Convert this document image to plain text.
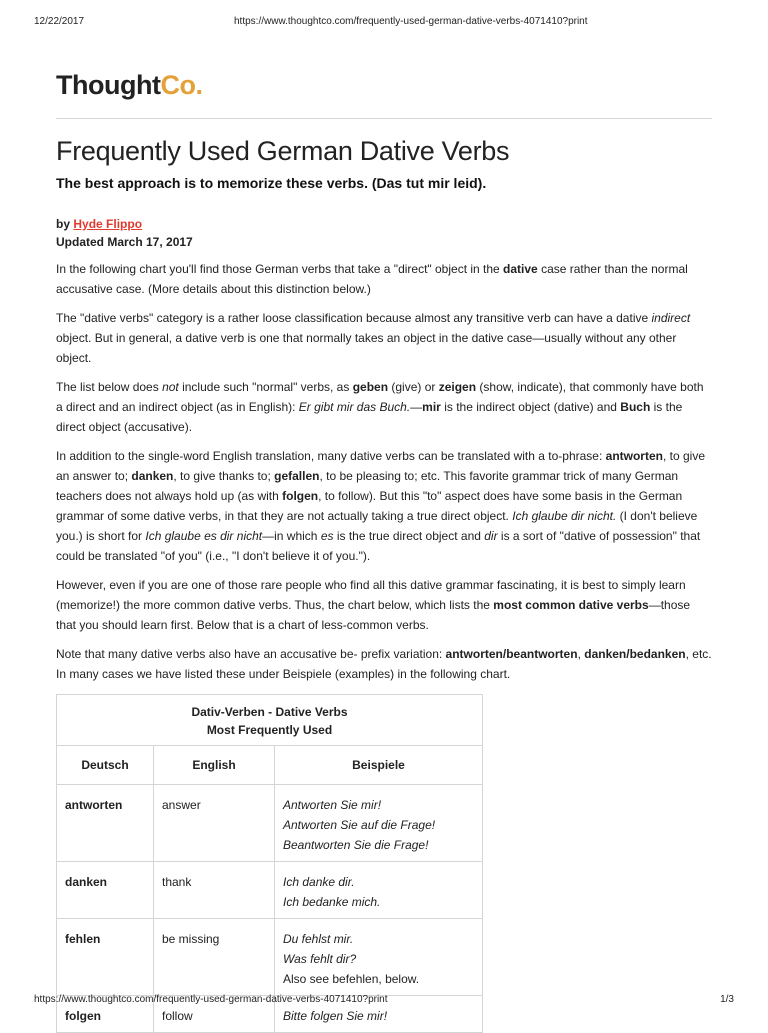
12/22/2017	https://www.thoughtco.com/frequently-used-german-dative-verbs-4071410?print
ThoughtCo.
Frequently Used German Dative Verbs
The best approach is to memorize these verbs. (Das tut mir leid).
by Hyde Flippo
Updated March 17, 2017

In the following chart you'll find those German verbs that take a "direct" object in the dative case rather than the normal accusative case. (More details about this distinction below.)

The "dative verbs" category is a rather loose classification because almost any transitive verb can have a dative indirect object. But in general, a dative verb is one that normally takes an object in the dative case—usually without any other object.

The list below does not include such "normal" verbs, as geben (give) or zeigen (show, indicate), that commonly have both a direct and an indirect object (as in English): Er gibt mir das Buch.—mir is the indirect object (dative) and Buch is the direct object (accusative).

In addition to the single-word English translation, many dative verbs can be translated with a to-phrase: antworten, to give an answer to; danken, to give thanks to; gefallen, to be pleasing to; etc. This favorite grammar trick of many German teachers does not always hold up (as with folgen, to follow). But this "to" aspect does have some basis in the German grammar of some dative verbs, in that they are not actually taking a true direct object. Ich glaube dir nicht. (I don't believe you.) is short for Ich glaube es dir nicht—in which es is the true direct object and dir is a sort of "dative of possession" that could be translated "of you" (i.e., "I don't believe it of you.").

However, even if you are one of those rare people who find all this dative grammar fascinating, it is best to simply learn (memorize!) the more common dative verbs. Thus, the chart below, which lists the most common dative verbs—those that you should learn first. Below that is a chart of less-common verbs.

Note that many dative verbs also have an accusative be- prefix variation: antworten/beantworten, danken/bedanken, etc. In many cases we have listed these under Beispiele (examples) in the following chart.

Dativ-Verben - Dative Verbs
Most Frequently Used		

Deutsch	English	Beispiele
antworten	answer	Antworten Sie mir!
Antworten Sie auf die Frage!
Beantworten Sie die Frage!

danken	thank	Ich danke dir.
Ich bedanke mich.

fehlen	be missing	Du fehlst mir.
Was fehlt dir?
Also see befehlen, below.

folgen	follow	Bitte folgen Sie mir!
https://www.thoughtco.com/frequently-used-german-dative-verbs-4071410?print	1/3
